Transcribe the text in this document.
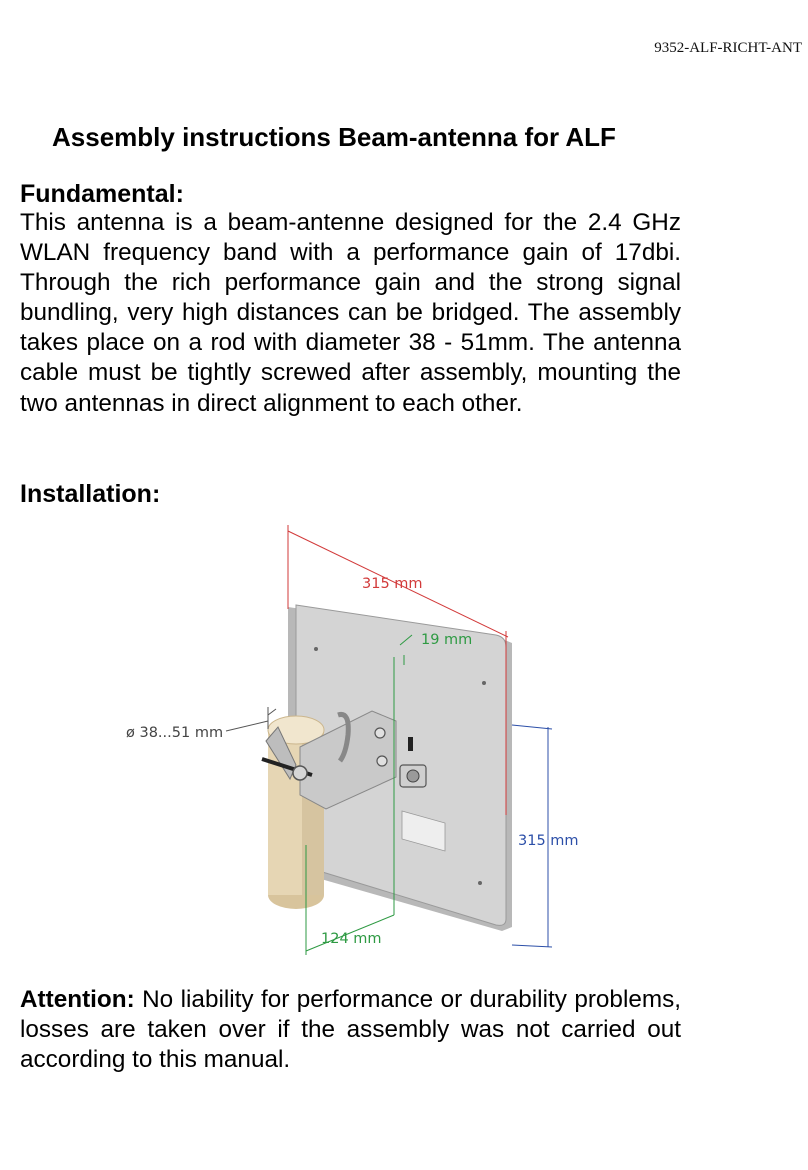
9352-ALF-RICHT-ANT
Assembly instructions Beam-antenna for ALF
Fundamental:

This antenna is a beam-antenne designed for the 2.4 GHz WLAN frequency band with a performance gain of 17dbi. Through the rich performance gain and the strong signal bundling, very high distances can be bridged. The assembly takes place on a rod with diameter 38 - 51mm. The antenna cable must be tightly screwed after assembly, mounting the two antennas in direct alignment to each other.

Installation:
315 mm
19 mm
315 mm
124 mm
ø 38...51 mm

Attention: No liability for performance or durability problems, losses are taken over if the assembly was not carried out according to this manual.
